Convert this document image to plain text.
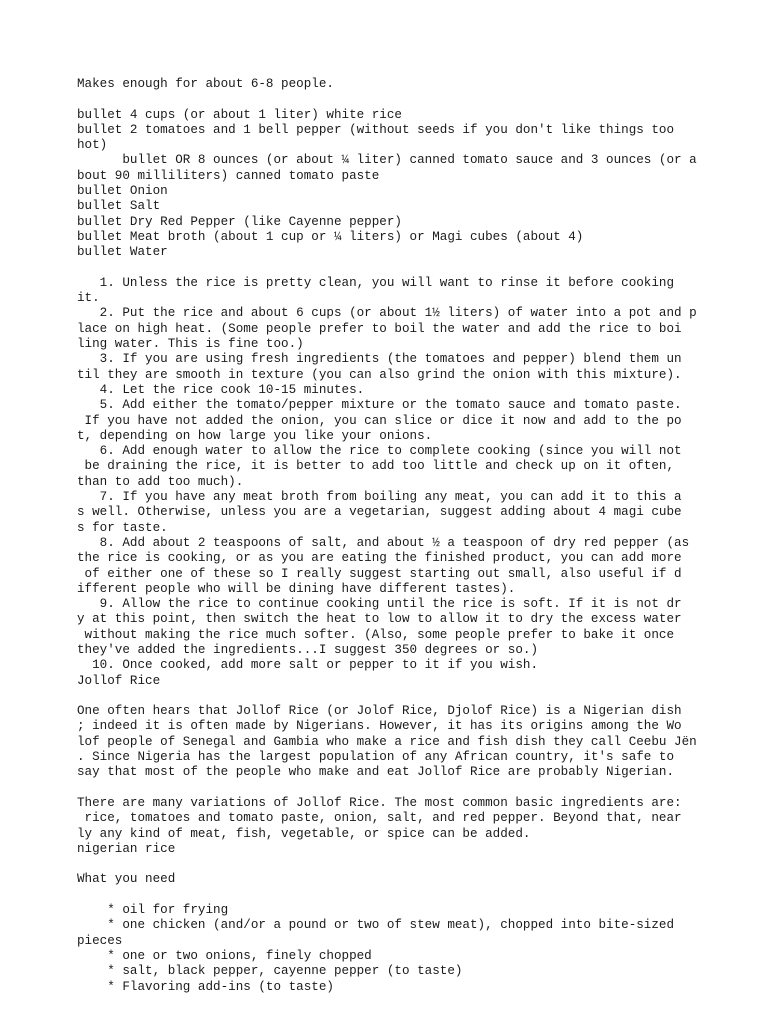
Makes enough for about 6-8 people.
bullet 4 cups (or about 1 liter) white rice
bullet 2 tomatoes and 1 bell pepper (without seeds if you don't like things too
hot)
bullet OR 8 ounces (or about ¼ liter) canned tomato sauce and 3 ounces (or a
bout 90 milliliters) canned tomato paste
bullet Onion
bullet Salt
bullet Dry Red Pepper (like Cayenne pepper)
bullet Meat broth (about 1 cup or ¼ liters) or Magi cubes (about 4)
bullet Water
1. Unless the rice is pretty clean, you will want to rinse it before cooking
it.
2. Put the rice and about 6 cups (or about 1½ liters) of water into a pot and p
lace on high heat. (Some people prefer to boil the water and add the rice to boi
ling water. This is fine too.)
3. If you are using fresh ingredients (the tomatoes and pepper) blend them un
til they are smooth in texture (you can also grind the onion with this mixture).
4. Let the rice cook 10-15 minutes.
5. Add either the tomato/pepper mixture or the tomato sauce and tomato paste.
If you have not added the onion, you can slice or dice it now and add to the po
t, depending on how large you like your onions.
6. Add enough water to allow the rice to complete cooking (since you will not
be draining the rice, it is better to add too little and check up on it often,
than to add too much).
7. If you have any meat broth from boiling any meat, you can add it to this a
s well. Otherwise, unless you are a vegetarian, suggest adding about 4 magi cube
s for taste.
8. Add about 2 teaspoons of salt, and about ½ a teaspoon of dry red pepper (as
the rice is cooking, or as you are eating the finished product, you can add more
of either one of these so I really suggest starting out small, also useful if d
ifferent people who will be dining have different tastes).
9. Allow the rice to continue cooking until the rice is soft. If it is not dr
y at this point, then switch the heat to low to allow it to dry the excess water
without making the rice much softer. (Also, some people prefer to bake it once
they've added the ingredients...I suggest 350 degrees or so.)
10. Once cooked, add more salt or pepper to it if you wish.
Jollof Rice
One often hears that Jollof Rice (or Jolof Rice, Djolof Rice) is a Nigerian dish
; indeed it is often made by Nigerians. However, it has its origins among the Wo
lof people of Senegal and Gambia who make a rice and fish dish they call Ceebu Jën
. Since Nigeria has the largest population of any African country, it's safe to
say that most of the people who make and eat Jollof Rice are probably Nigerian.
There are many variations of Jollof Rice. The most common basic ingredients are:
rice, tomatoes and tomato paste, onion, salt, and red pepper. Beyond that, near
ly any kind of meat, fish, vegetable, or spice can be added.
nigerian rice
What you need
* oil for frying
* one chicken (and/or a pound or two of stew meat), chopped into bite-sized
pieces
* one or two onions, finely chopped
* salt, black pepper, cayenne pepper (to taste)
* Flavoring add-ins (to taste)
